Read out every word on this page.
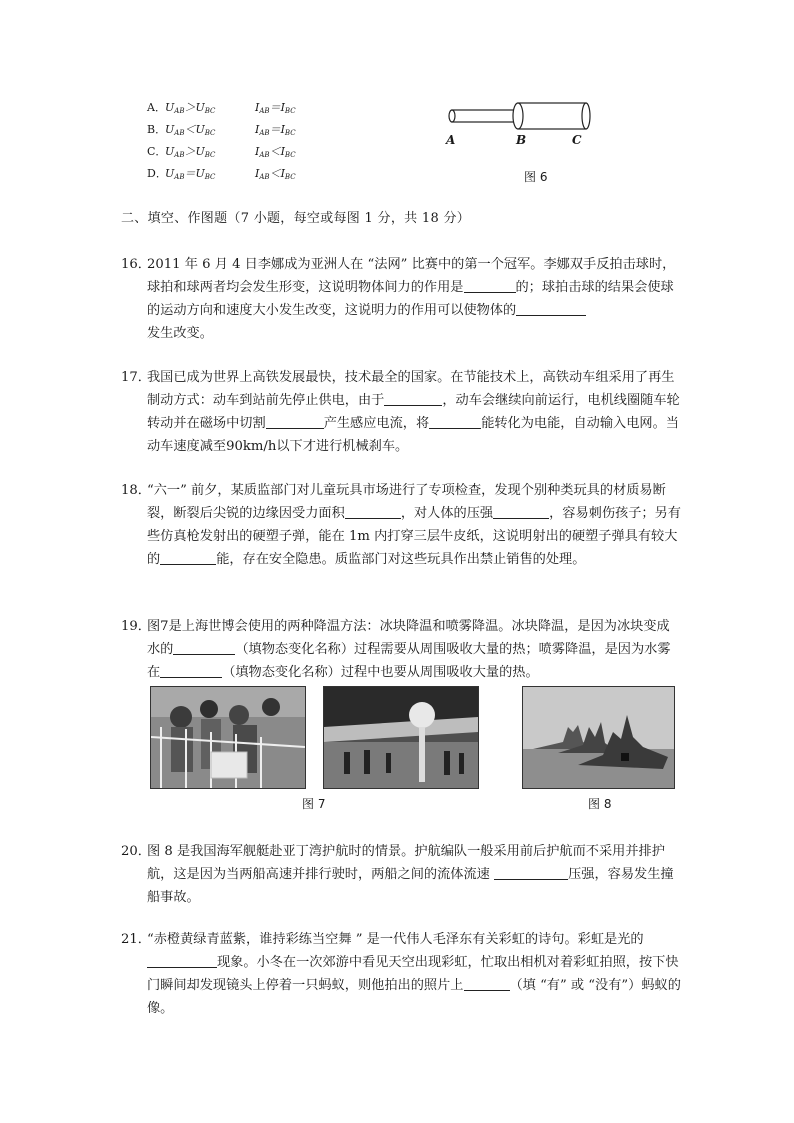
A．$U_{AB}>U_{BC}$	$I_{AB}=I_{BC}$
B．$U_{AB}<U_{BC}$	$I_{AB}=I_{BC}$
C．$U_{AB}>U_{BC}$	$I_{AB}<I_{BC}$
D．$U_{AB}=U_{BC}$	$I_{AB}<I_{BC}$
A	B	C
图 6
二、填空、作图题（7 小题，每空或每图 1 分，共 18 分）
16．
2011 年 6 月 4 日李娜成为亚洲人在 “法网” 比赛中的第一个冠军。李娜双手反拍击球时，球拍和球两者均会发生形变，这说明物体间力的作用是	的；球拍击球的结果会使球的运动方向和速度大小发生改变，这说明力的作用可以使物体的
发生改变。
17．
我国已成为世界上高铁发展最快，技术最全的国家。在节能技术上，高铁动车组采用了再生制动方式：动车到站前先停止供电，由于	，动车会继续向前运行，电机线圈随车轮转动并在磁场中切割	产生感应电流，将	能转化为电能，自动输入电网。当动车速度减至90km/h以下才进行机械刹车。
18．
“六一” 前夕，某质监部门对儿童玩具市场进行了专项检查，发现个别种类玩具的材质易断裂，断裂后尖锐的边缘因受力面积	，对人体的压强	，容易刺伤孩子；另有些仿真枪发射出的硬塑子弹，能在 1m 内打穿三层牛皮纸，这说明射出的硬塑子弹具有较大的	能，存在安全隐患。质监部门对这些玩具作出禁止销售的处理。
19．
图7是上海世博会使用的两种降温方法：冰块降温和喷雾降温。冰块降温，是因为冰块变成水的	（填物态变化名称）过程需要从周围吸收大量的热；喷雾降温，是因为水雾在	（填物态变化名称）过程中也要从周围吸收大量的热。
图 7	图 8
20．
图 8 是我国海军舰艇赴亚丁湾护航时的情景。护航编队一般采用前后护航而不采用并排护航，这是因为当两船高速并排行驶时，两船之间的流体流速	压强，容易发生撞船事故。
21．
“赤橙黄绿青蓝紫，谁持彩练当空舞 ” 是一代伟人毛泽东有关彩虹的诗句。彩虹是光的现象。小冬在一次郊游中看见天空出现彩虹，忙取出相机对着彩虹拍照，按下快门瞬间却发现镜头上停着一只蚂蚁，则他拍出的照片上	（填 “有” 或 “没有”）蚂蚁的像。
